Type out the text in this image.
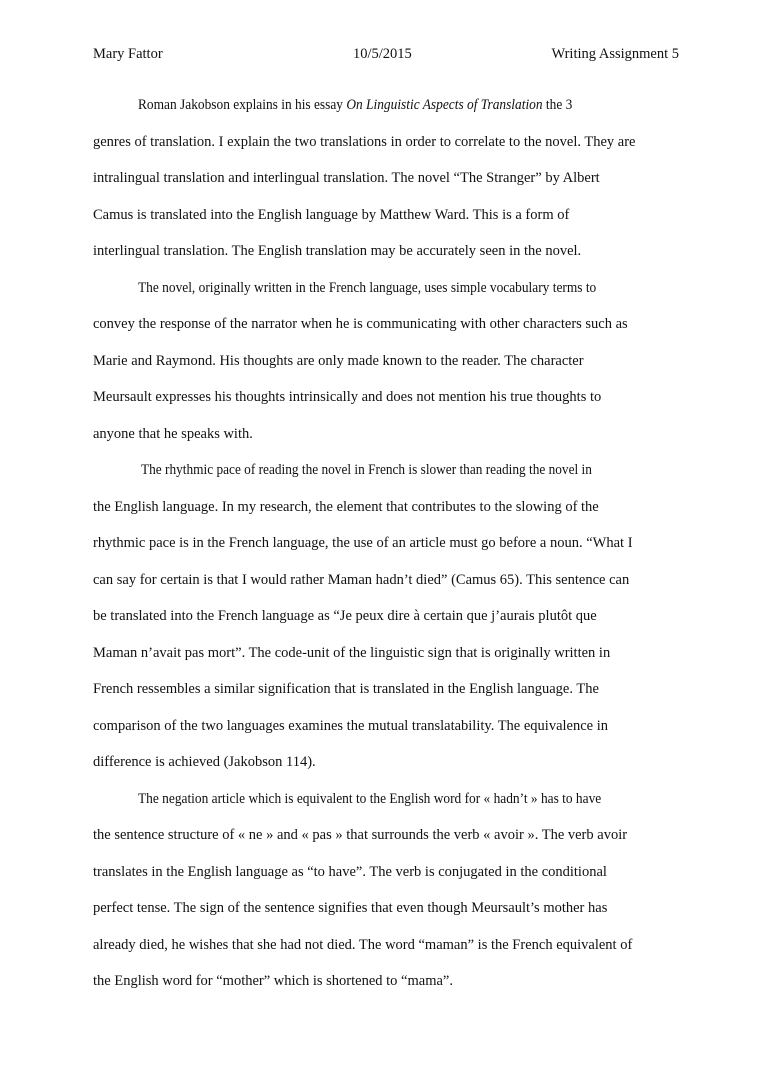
Mary Fattor	10/5/2015	Writing Assignment 5
Roman Jakobson explains in his essay On Linguistic Aspects of Translation the 3
genres of translation. I explain the two translations in order to correlate to the novel. They are
intralingual translation and interlingual translation. The novel “The Stranger” by Albert
Camus is translated into the English language by Matthew Ward. This is a form of
interlingual translation. The English translation may be accurately seen in the novel.
The novel, originally written in the French language, uses simple vocabulary terms to
convey the response of the narrator when he is communicating with other characters such as
Marie and Raymond. His thoughts are only made known to the reader. The character
Meursault expresses his thoughts intrinsically and does not mention his true thoughts to
anyone that he speaks with.
The rhythmic pace of reading the novel in French is slower than reading the novel in
the English language. In my research, the element that contributes to the slowing of the
rhythmic pace is in the French language, the use of an article must go before a noun. “What I
can say for certain is that I would rather Maman hadn’t died” (Camus 65). This sentence can
be translated into the French language as “Je peux dire à certain que j’aurais plutôt que
Maman n’avait pas mort”. The code-unit of the linguistic sign that is originally written in
French ressembles a similar signification that is translated in the English language. The
comparison of the two languages examines the mutual translatability. The equivalence in
difference is achieved (Jakobson 114).
The negation article which is equivalent to the English word for « hadn’t » has to have
the sentence structure of « ne » and « pas » that surrounds the verb « avoir ». The verb avoir
translates in the English language as “to have”. The verb is conjugated in the conditional
perfect tense. The sign of the sentence signifies that even though Meursault’s mother has
already died, he wishes that she had not died. The word “maman” is the French equivalent of
the English word for “mother” which is shortened to “mama”.
